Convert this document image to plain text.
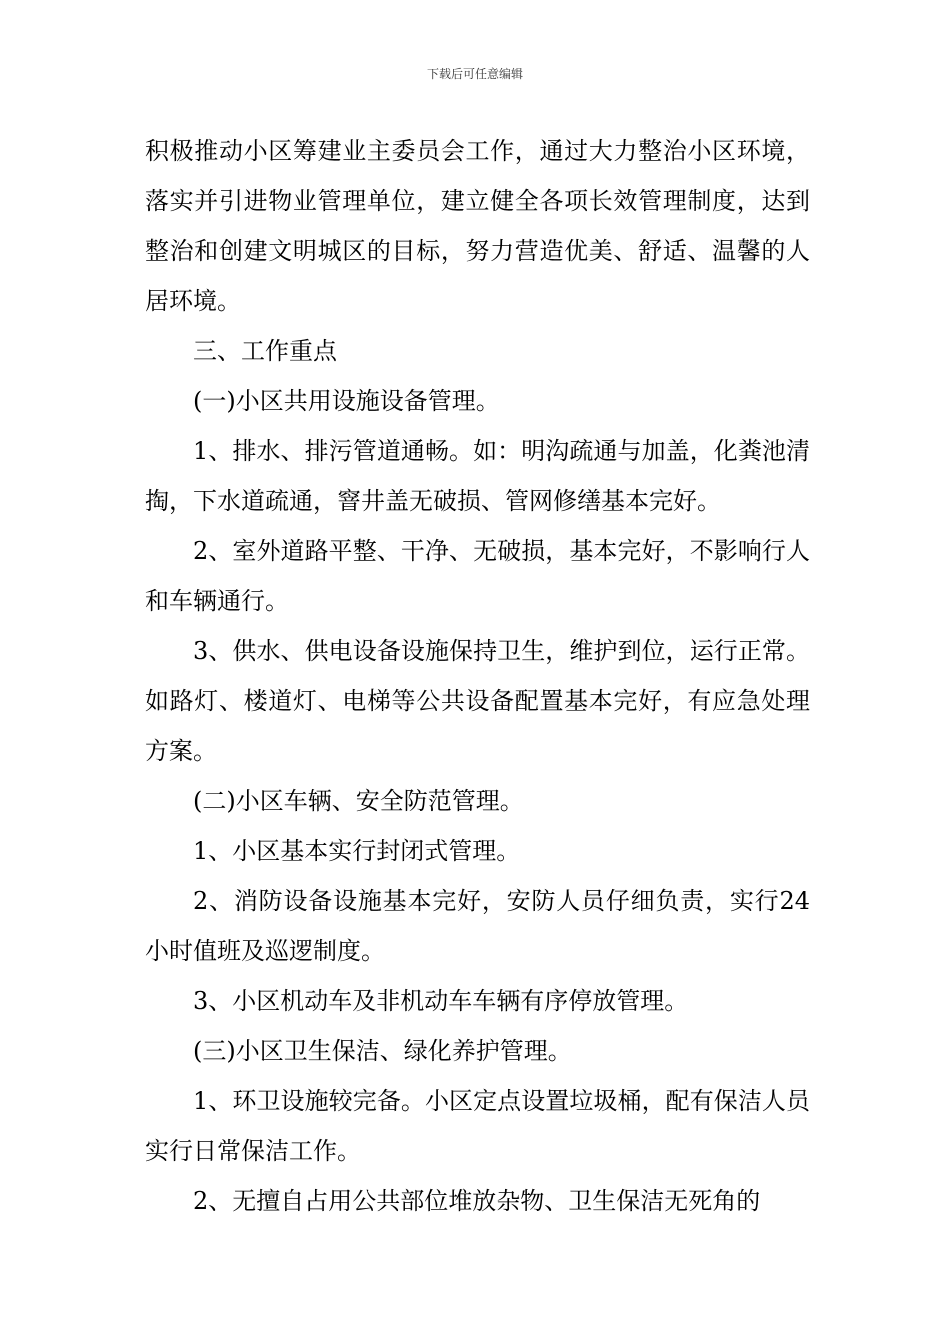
下载后可任意编辑

积极推动小区筹建业主委员会工作，通过大力整治小区环境，落实并引进物业管理单位，建立健全各项长效管理制度，达到整治和创建文明城区的目标，努力营造优美、舒适、温馨的人居环境。

三、工作重点

(一)小区共用设施设备管理。

1、排水、排污管道通畅。如：明沟疏通与加盖，化粪池清掏，下水道疏通，窨井盖无破损、管网修缮基本完好。

2、室外道路平整、干净、无破损，基本完好，不影响行人和车辆通行。

3、供水、供电设备设施保持卫生，维护到位，运行正常。如路灯、楼道灯、电梯等公共设备配置基本完好，有应急处理方案。

(二)小区车辆、安全防范管理。

1、小区基本实行封闭式管理。

2、消防设备设施基本完好，安防人员仔细负责，实行24小时值班及巡逻制度。

3、小区机动车及非机动车车辆有序停放管理。

(三)小区卫生保洁、绿化养护管理。

1、环卫设施较完备。小区定点设置垃圾桶，配有保洁人员实行日常保洁工作。

2、无擅自占用公共部位堆放杂物、卫生保洁无死角的
